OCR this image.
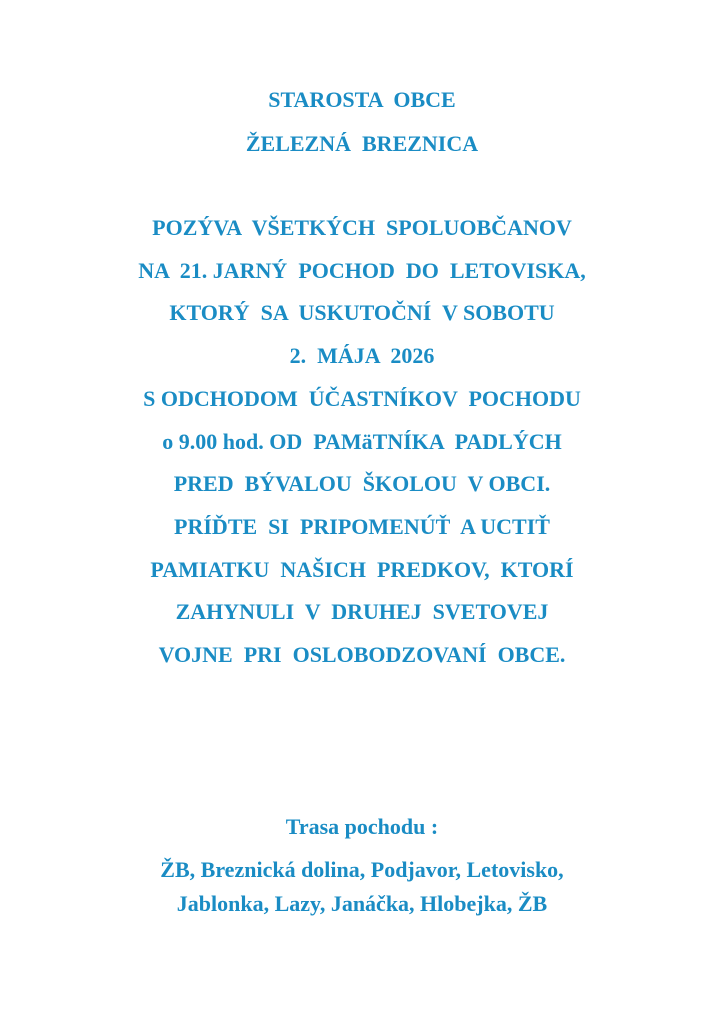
STAROSTA  OBCE
ŽELEZNÁ  BREZNICA
POZÝVA  VŠETKÝCH  SPOLUOBČANOV
NA  21. JARNÝ  POCHOD  DO  LETOVISKA,
KTORÝ  SA  USKUTOČNÍ  V SOBOTU
2.  MÁJA  2026
S ODCHODOM  ÚČASTNÍKOV  POCHODU
o 9.00 hod. OD  PAMäTNÍKA  PADLÝCH
PRED  BÝVALOU  ŠKOLOU  V OBCI.
PRÍĎTE  SI  PRIPOMENÚŤ  A UCTIŤ
PAMIATKU  NAŠICH  PREDKOV,  KTORÍ
ZAHYNULI  V  DRUHEJ  SVETOVEJ
VOJNE  PRI  OSLOBODZOVANÍ  OBCE.
Trasa pochodu :
ŽB, Breznická dolina, Podjavor, Letovisko,
Jablonka, Lazy, Janáčka, Hlobejka, ŽB
